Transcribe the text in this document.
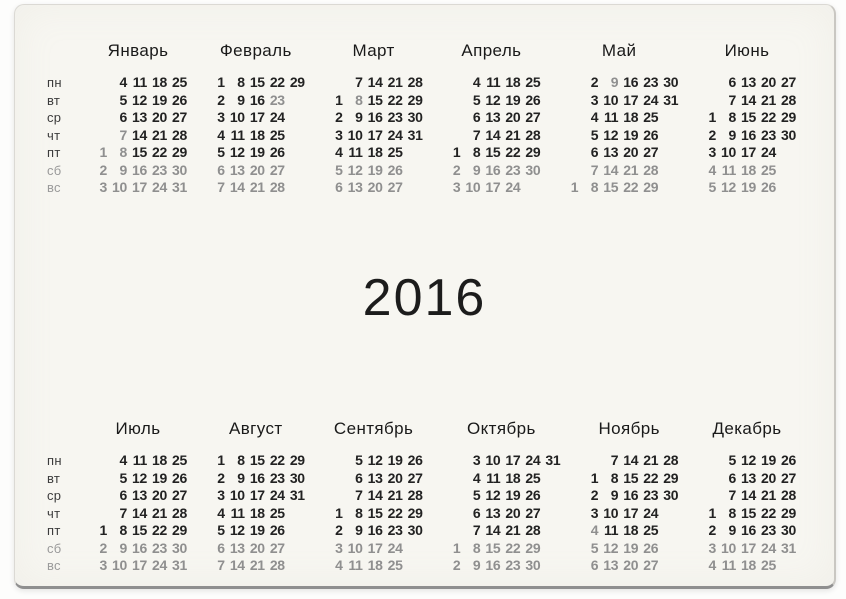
пн
вт
ср
чт
пт
сб
вс
Январь
4 11 18 25
5 12 19 26
6 13 20 27
7 14 21 28
1 8 15 22 29
2 9 16 23 30
3 10 17 24 31
Февраль
1 8 15 22 29
2 9 16 23
3 10 17 24
4 11 18 25
5 12 19 26
6 13 20 27
7 14 21 28
Март
7 14 21 28
1 8 15 22 29
2 9 16 23 30
3 10 17 24 31
4 11 18 25
5 12 19 26
6 13 20 27
Апрель
4 11 18 25
5 12 19 26
6 13 20 27
7 14 21 28
1 8 15 22 29
2 9 16 23 30
3 10 17 24
Май
2 9 16 23 30
3 10 17 24 31
4 11 18 25
5 12 19 26
6 13 20 27
7 14 21 28
1 8 15 22 29
Июнь
6 13 20 27
7 14 21 28
1 8 15 22 29
2 9 16 23 30
3 10 17 24
4 11 18 25
5 12 19 26
2016
пн
вт
ср
чт
пт
сб
вс
Июль
4 11 18 25
5 12 19 26
6 13 20 27
7 14 21 28
1 8 15 22 29
2 9 16 23 30
3 10 17 24 31
Август
1 8 15 22 29
2 9 16 23 30
3 10 17 24 31
4 11 18 25
5 12 19 26
6 13 20 27
7 14 21 28
Сентябрь
5 12 19 26
6 13 20 27
7 14 21 28
1 8 15 22 29
2 9 16 23 30
3 10 17 24
4 11 18 25
Октябрь
3 10 17 24 31
4 11 18 25
5 12 19 26
6 13 20 27
7 14 21 28
1 8 15 22 29
2 9 16 23 30
Ноябрь
7 14 21 28
1 8 15 22 29
2 9 16 23 30
3 10 17 24
4 11 18 25
5 12 19 26
6 13 20 27
Декабрь
5 12 19 26
6 13 20 27
7 14 21 28
1 8 15 22 29
2 9 16 23 30
3 10 17 24 31
4 11 18 25
